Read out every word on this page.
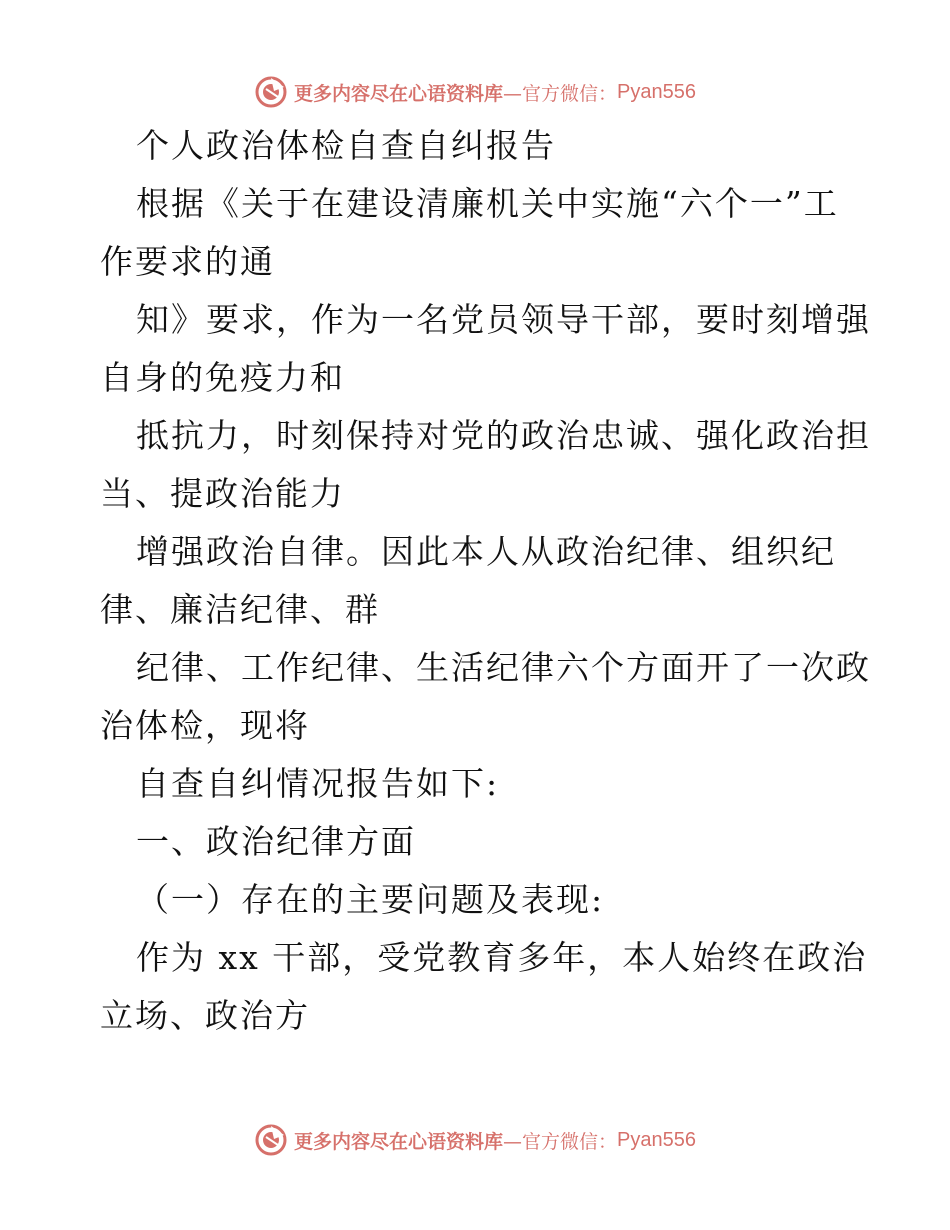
更多内容尽在心语资料库 —官方微信： Pyan556
个人政治体检自查自纠报告
根据《关于在建设清廉机关中实施“六个一”工
作要求的通
知》要求，作为一名党员领导干部，要时刻增强
自身的免疫力和
抵抗力，时刻保持对党的政治忠诚、强化政治担
当、提政治能力
增强政治自律。因此本人从政治纪律、组织纪
律、廉洁纪律、群
纪律、工作纪律、生活纪律六个方面开了一次政
治体检，现将
自查自纠情况报告如下:
一、政治纪律方面
（一）存在的主要问题及表现:
作为 xx 干部，受党教育多年，本人始终在政治
立场、政治方
更多内容尽在心语资料库 —官方微信： Pyan556
